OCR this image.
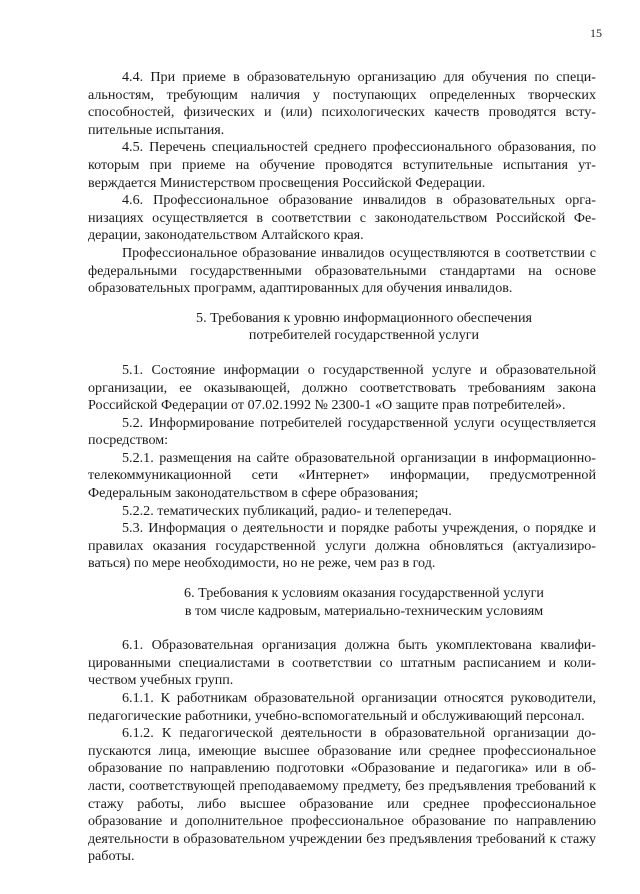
15

4.4. При приеме в образовательную организацию для обучения по специальностям, требующим наличия у поступающих определенных творческих способностей, физических и (или) психологических качеств проводятся вступительные испытания.

4.5. Перечень специальностей среднего профессионального образования, по которым при приеме на обучение проводятся вступительные испытания утверждается Министерством просвещения Российской Федерации.

4.6. Профессиональное образование инвалидов в образовательных организациях осуществляется в соответствии с законодательством Российской Федерации, законодательством Алтайского края.

Профессиональное образование инвалидов осуществляются в соответствии с федеральными государственными образовательными стандартами на основе образовательных программ, адаптированных для обучения инвалидов.

5. Требования к уровню информационного обеспечения
потребителей государственной услуги

5.1. Состояние информации о государственной услуге и образовательной организации, ее оказывающей, должно соответствовать требованиям закона Российской Федерации от 07.02.1992 № 2300-1 «О защите прав потребителей».

5.2. Информирование потребителей государственной услуги осуществляется посредством:

5.2.1. размещения на сайте образовательной организации в информационно-телекоммуникационной сети «Интернет» информации, предусмотренной Федеральным законодательством в сфере образования;

5.2.2. тематических публикаций, радио- и телепередач.

5.3. Информация о деятельности и порядке работы учреждения, о порядке и правилах оказания государственной услуги должна обновляться (актуализироваться) по мере необходимости, но не реже, чем раз в год.

6. Требования к условиям оказания государственной услуги
в том числе кадровым, материально-техническим условиям

6.1. Образовательная организация должна быть укомплектована квалифицированными специалистами в соответствии со штатным расписанием и количеством учебных групп.

6.1.1. К работникам образовательной организации относятся руководители, педагогические работники, учебно-вспомогательный и обслуживающий персонал.

6.1.2. К педагогической деятельности в образовательной организации допускаются лица, имеющие высшее образование или среднее профессиональное образование по направлению подготовки «Образование и педагогика» или в области, соответствующей преподаваемому предмету, без предъявления требований к стажу работы, либо высшее образование или среднее профессиональное образование и дополнительное профессиональное образование по направлению деятельности в образовательном учреждении без предъявления требований к стажу работы.
